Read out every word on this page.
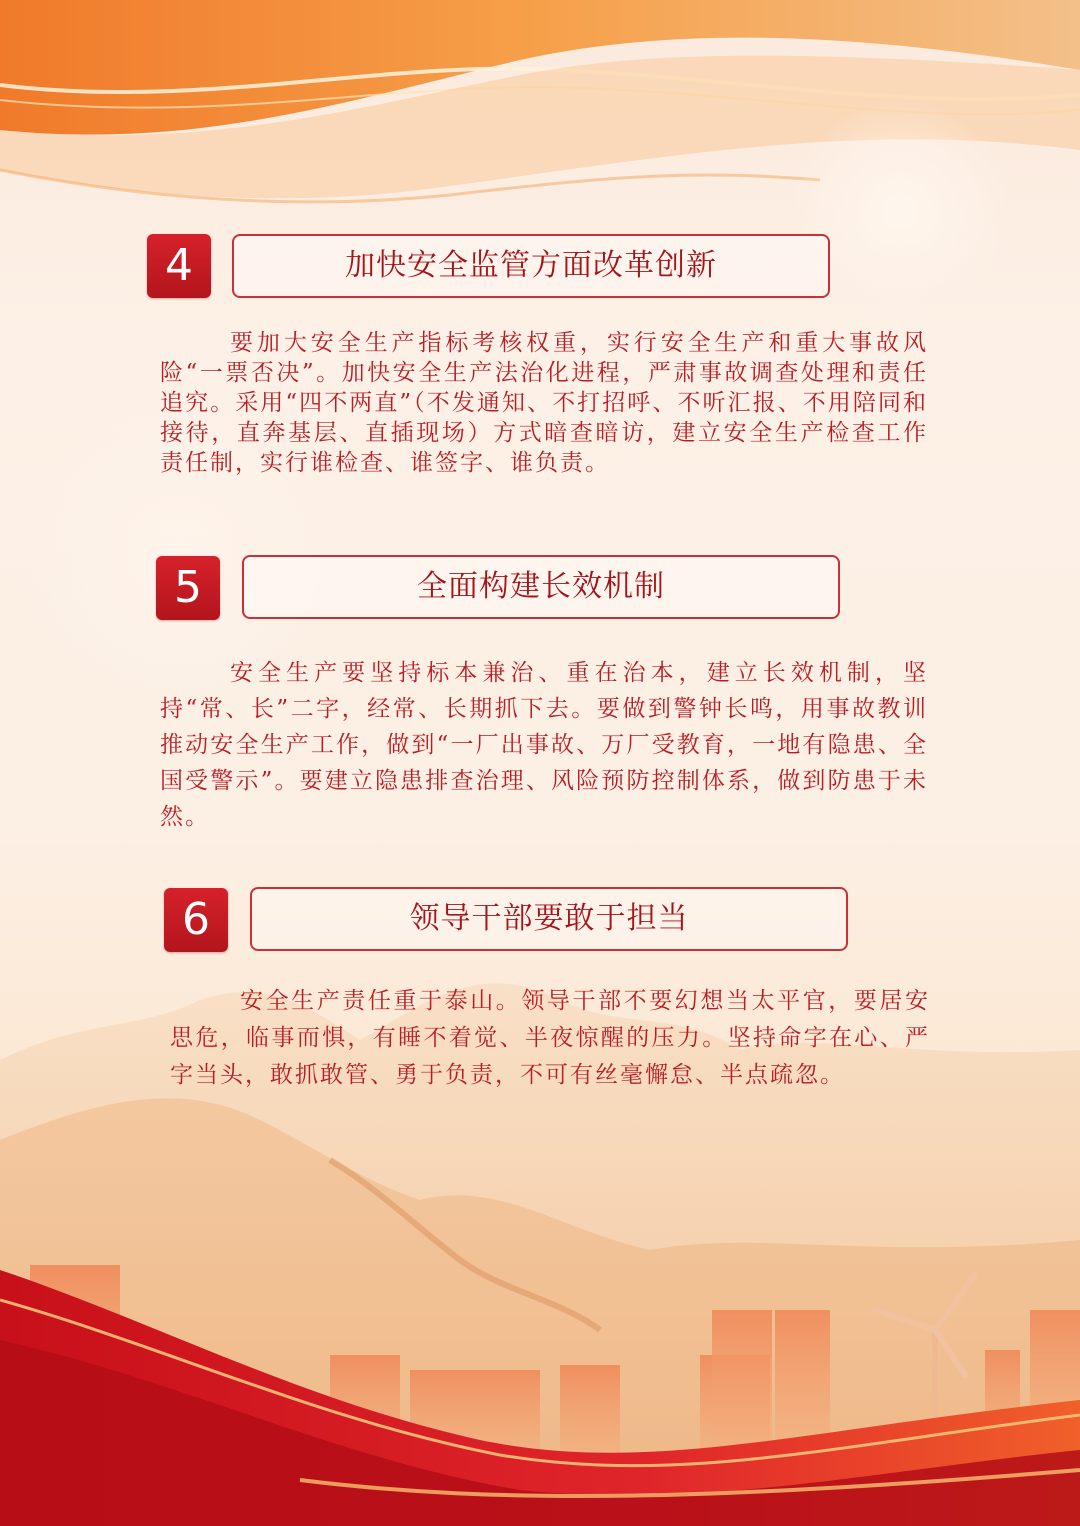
4	加快安全监管方面改革创新

要加大安全生产指标考核权重，实行安全生产和重大事故风险“一票否决”。加快安全生产法治化进程，严肃事故调查处理和责任追究。采用“四不两直”（不发通知、不打招呼、不听汇报、不用陪同和接待，直奔基层、直插现场）方式暗查暗访，建立安全生产检查工作责任制，实行谁检查、谁签字、谁负责。

5	全面构建长效机制

安全生产要坚持标本兼治、重在治本，建立长效机制，坚持“常、长”二字，经常、长期抓下去。要做到警钟长鸣，用事故教训推动安全生产工作，做到“一厂出事故、万厂受教育，一地有隐患、全国受警示”。要建立隐患排查治理、风险预防控制体系，做到防患于未然。

6	领导干部要敢于担当

安全生产责任重于泰山。领导干部不要幻想当太平官，要居安思危，临事而惧，有睡不着觉、半夜惊醒的压力。坚持命字在心、严字当头，敢抓敢管、勇于负责，不可有丝毫懈怠、半点疏忽。
